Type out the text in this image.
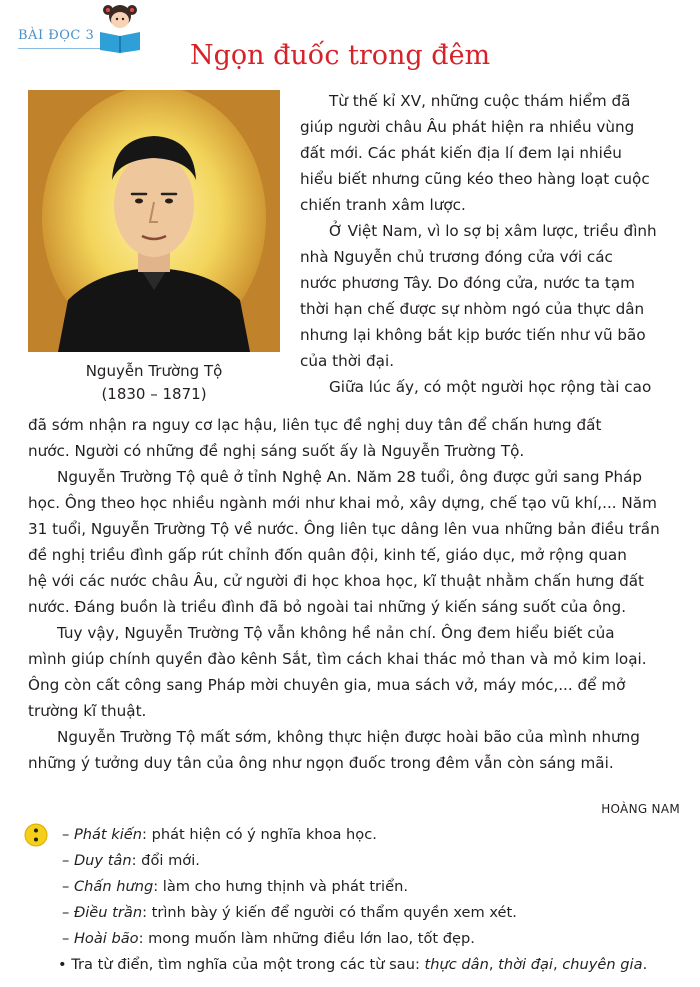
BÀI ĐỌC 3
Ngọn đuốc trong đêm
Nguyễn Trường Tộ
(1830 – 1871)
Từ thế kỉ XV, những cuộc thám hiểm đã
giúp người châu Âu phát hiện ra nhiều vùng
đất mới. Các phát kiến địa lí đem lại nhiều
hiểu biết nhưng cũng kéo theo hàng loạt cuộc
chiến tranh xâm lược.
Ở Việt Nam, vì lo sợ bị xâm lược, triều đình
nhà Nguyễn chủ trương đóng cửa với các
nước phương Tây. Do đóng cửa, nước ta tạm
thời hạn chế được sự nhòm ngó của thực dân
nhưng lại không bắt kịp bước tiến như vũ bão
của thời đại.
Giữa lúc ấy, có một người học rộng tài cao
đã sớm nhận ra nguy cơ lạc hậu, liên tục đề nghị duy tân để chấn hưng đất
nước. Người có những đề nghị sáng suốt ấy là Nguyễn Trường Tộ.
Nguyễn Trường Tộ quê ở tỉnh Nghệ An. Năm 28 tuổi, ông được gửi sang Pháp
học. Ông theo học nhiều ngành mới như khai mỏ, xây dựng, chế tạo vũ khí,... Năm
31 tuổi, Nguyễn Trường Tộ về nước. Ông liên tục dâng lên vua những bản điều trần
đề nghị triều đình gấp rút chỉnh đốn quân đội, kinh tế, giáo dục, mở rộng quan
hệ với các nước châu Âu, cử người đi học khoa học, kĩ thuật nhằm chấn hưng đất
nước. Đáng buồn là triều đình đã bỏ ngoài tai những ý kiến sáng suốt của ông.
Tuy vậy, Nguyễn Trường Tộ vẫn không hề nản chí. Ông đem hiểu biết của
mình giúp chính quyền đào kênh Sắt, tìm cách khai thác mỏ than và mỏ kim loại.
Ông còn cất công sang Pháp mời chuyên gia, mua sách vở, máy móc,... để mở
trường kĩ thuật.
Nguyễn Trường Tộ mất sớm, không thực hiện được hoài bão của mình nhưng
những ý tưởng duy tân của ông như ngọn đuốc trong đêm vẫn còn sáng mãi.
HOÀNG NAM
– Phát kiến: phát hiện có ý nghĩa khoa học.
– Duy tân: đổi mới.
– Chấn hưng: làm cho hưng thịnh và phát triển.
– Điều trần: trình bày ý kiến để người có thẩm quyền xem xét.
– Hoài bão: mong muốn làm những điều lớn lao, tốt đẹp.
• Tra từ điển, tìm nghĩa của một trong các từ sau: thực dân, thời đại, chuyên gia.
